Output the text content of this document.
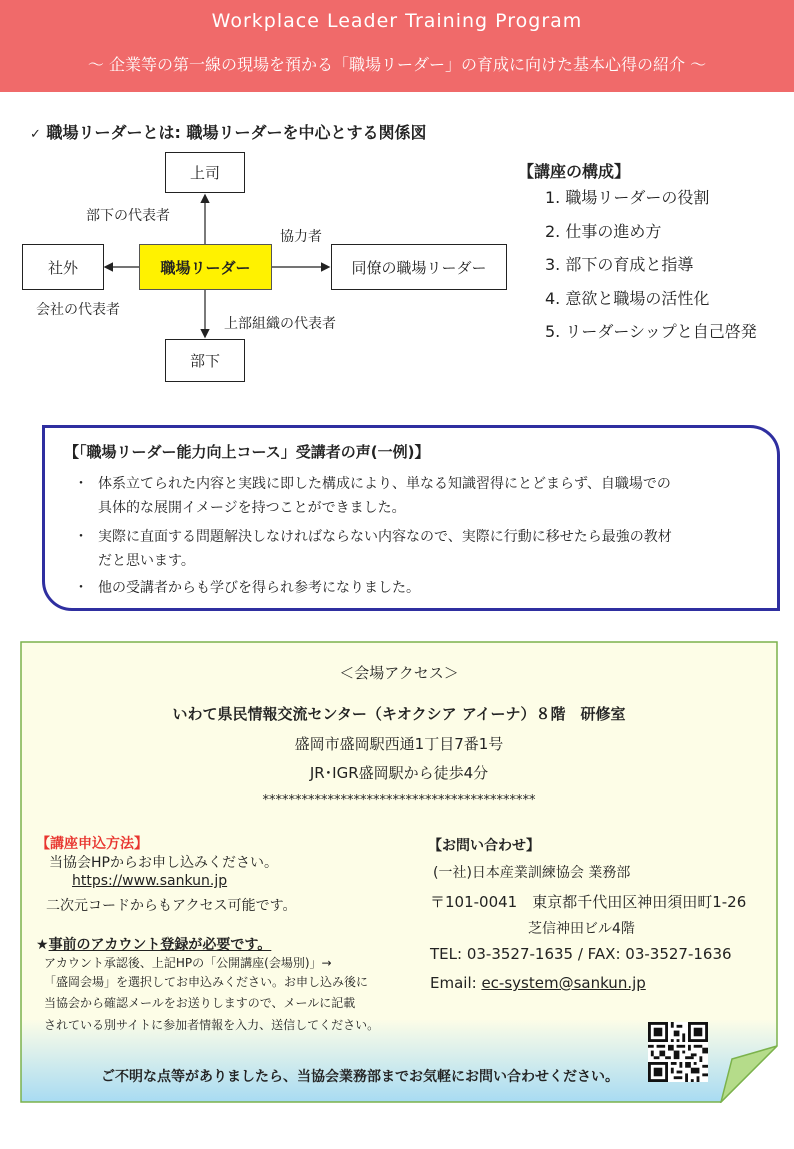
Workplace Leader Training Program
～ 企業等の第一線の現場を預かる「職場リーダー」の育成に向けた基本心得の紹介 ～
✓ 職場リーダーとは: 職場リーダーを中心とする関係図
上司
社外	職場リーダー	同僚の職場リーダー
部下
部下の代表者
会社の代表者
協力者
上部組織の代表者
【講座の構成】
1. 職場リーダーの役割
2. 仕事の進め方
3. 部下の育成と指導
4. 意欲と職場の活性化
5. リーダーシップと自己啓発
【「職場リーダー能力向上コース」受講者の声(一例)】
・ 体系立てられた内容と実践に即した構成により、単なる知識習得にとどまらず、自職場での
具体的な展開イメージを持つことができました。
・ 実際に直面する問題解決しなければならない内容なので、実際に行動に移せたら最強の教材
だと思います。
・ 他の受講者からも学びを得られ参考になりました。
＜会場アクセス＞
いわて県民情報交流センター（キオクシア アイーナ）８階　研修室
盛岡市盛岡駅西通1丁目7番1号
JR･IGR盛岡駅から徒歩4分
******************************************
【講座申込方法】
当協会HPからお申し込みください。
https://www.sankun.jp
二次元コードからもアクセス可能です。
★事前のアカウント登録が必要です。
アカウント承認後、上記HPの「公開講座(会場別)」→
「盛岡会場」を選択してお申込みください。お申し込み後に
当協会から確認メールをお送りしますので、メールに記載
されている別サイトに参加者情報を入力、送信してください。
【お問い合わせ】
(一社)日本産業訓練協会 業務部
〒101-0041　東京都千代田区神田須田町1-26
芝信神田ビル4階
TEL: 03-3527-1635 / FAX: 03-3527-1636
Email: ec-system@sankun.jp
ご不明な点等がありましたら、当協会業務部までお気軽にお問い合わせください。
